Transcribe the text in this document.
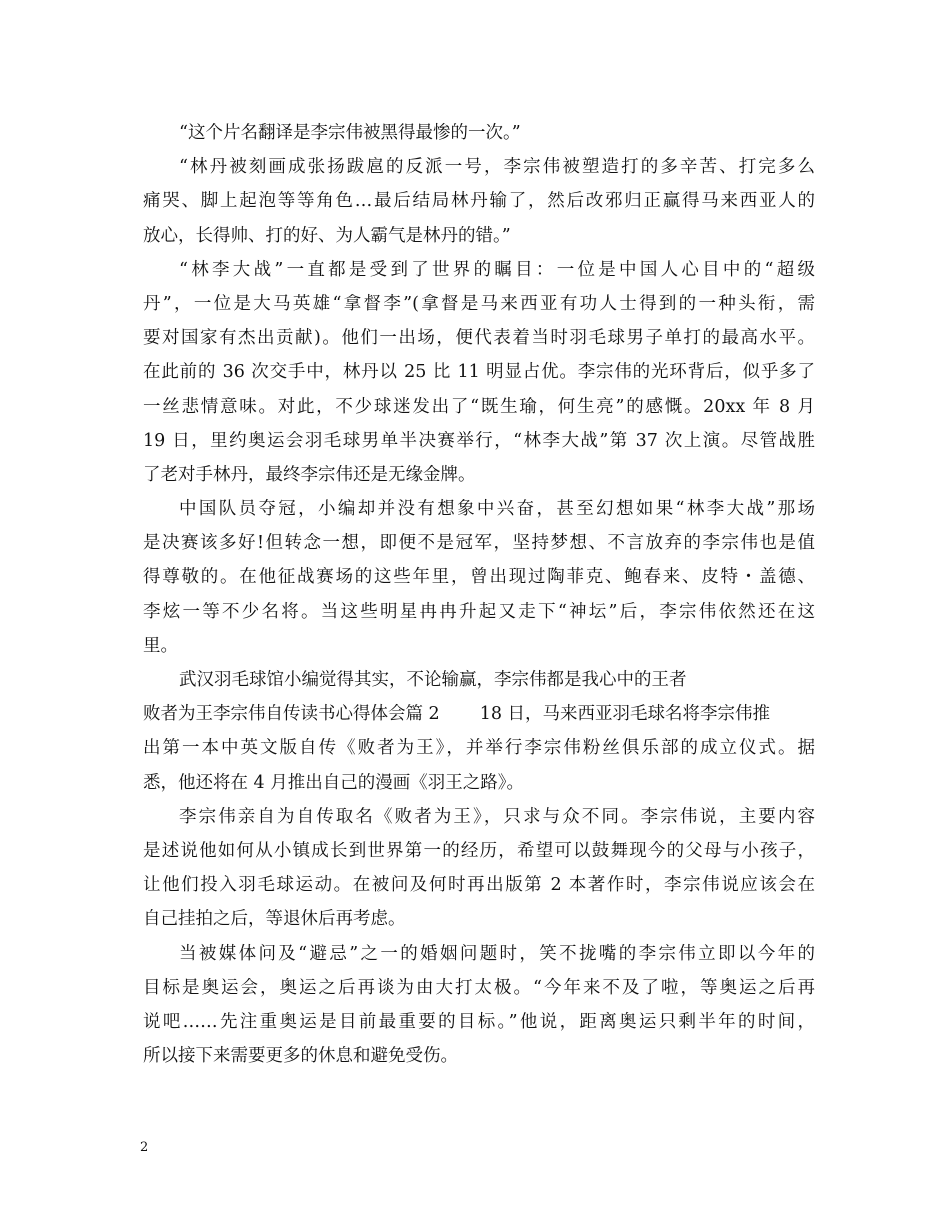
“这个片名翻译是李宗伟被黑得最惨的一次。”
“林丹被刻画成张扬跋扈的反派一号，李宗伟被塑造打的多辛苦、打完多么
痛哭、脚上起泡等等角色…最后结局林丹输了，然后改邪归正赢得马来西亚人的
放心，长得帅、打的好、为人霸气是林丹的错。”
“林李大战”一直都是受到了世界的瞩目：一位是中国人心目中的“超级
丹”，一位是大马英雄“拿督李”(拿督是马来西亚有功人士得到的一种头衔，需
要对国家有杰出贡献)。他们一出场，便代表着当时羽毛球男子单打的最高水平。
在此前的 36 次交手中，林丹以 25 比 11 明显占优。李宗伟的光环背后，似乎多了
一丝悲情意味。对此，不少球迷发出了“既生瑜，何生亮”的感慨。20xx 年 8 月
19 日，里约奥运会羽毛球男单半决赛举行，“林李大战”第 37 次上演。尽管战胜
了老对手林丹，最终李宗伟还是无缘金牌。
中国队员夺冠，小编却并没有想象中兴奋，甚至幻想如果“林李大战”那场
是决赛该多好!但转念一想，即便不是冠军，坚持梦想、不言放弃的李宗伟也是值
得尊敬的。在他征战赛场的这些年里，曾出现过陶菲克、鲍春来、皮特・盖德、
李炫一等不少名将。当这些明星冉冉升起又走下“神坛”后，李宗伟依然还在这
里。
武汉羽毛球馆小编觉得其实，不论输赢，李宗伟都是我心中的王者
败者为王李宗伟自传读书心得体会篇 2 18 日，马来西亚羽毛球名将李宗伟推
出第一本中英文版自传《败者为王》，并举行李宗伟粉丝俱乐部的成立仪式。据
悉，他还将在 4 月推出自己的漫画《羽王之路》。
李宗伟亲自为自传取名《败者为王》，只求与众不同。李宗伟说，主要内容
是述说他如何从小镇成长到世界第一的经历，希望可以鼓舞现今的父母与小孩子，
让他们投入羽毛球运动。在被问及何时再出版第 2 本著作时，李宗伟说应该会在
自己挂拍之后，等退休后再考虑。
当被媒体问及“避忌”之一的婚姻问题时，笑不拢嘴的李宗伟立即以今年的
目标是奥运会，奥运之后再谈为由大打太极。“今年来不及了啦，等奥运之后再
说吧……先注重奥运是目前最重要的目标。”他说，距离奥运只剩半年的时间，
所以接下来需要更多的休息和避免受伤。
2
